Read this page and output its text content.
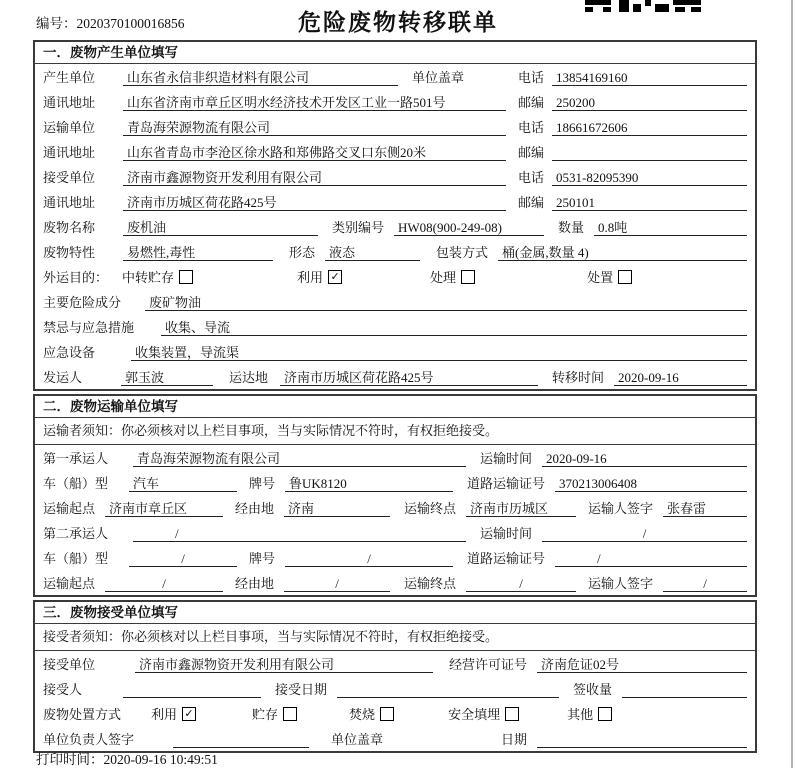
编号：2020370100016856	危险废物转移联单
一．废物产生单位填写
产生单位	山东省永信非织造材料有限公司	单位盖章	电话 13854169160
通讯地址	山东省济南市章丘区明水经济技术开发区工业一路501号	邮编 250200
运输单位	青岛海荣源物流有限公司	电话 18661672606
通讯地址	山东省青岛市李沧区徐水路和郑佛路交叉口东侧20米	邮编
接受单位	济南市鑫源物资开发利用有限公司	电话 0531-82095390
通讯地址	济南市历城区荷花路425号	邮编 250101
废物名称	废机油	类别编号	HW08(900-249-08)	数量	0.8吨
废物特性	易燃性,毒性	形态	液态	包装方式	桶(金属,数量 4)
外运目的： 中转贮存	利用 ✓	处理	处置
主要危险成分	废矿物油
禁忌与应急措施	收集、导流
应急设备	收集装置，导流渠
发运人	郭玉波	运达地	济南市历城区荷花路425号	转移时间	2020-09-16
二．废物运输单位填写
运输者须知：你必须核对以上栏目事项，当与实际情况不符时，有权拒绝接受。
第一承运人	青岛海荣源物流有限公司	运输时间	2020-09-16
车（船）型	汽车	牌号	鲁UK8120	道路运输证号	370213006408
运输起点	济南市章丘区	经由地	济南	运输终点	济南市历城区	运输人签字	张春雷
第二承运人	/	运输时间	/
车（船）型	/	牌号	/	道路运输证号	/
运输起点	/	经由地	/	运输终点	/	运输人签字	/
三．废物接受单位填写
接受者须知：你必须核对以上栏目事项，当与实际情况不符时，有权拒绝接受。
接受单位	济南市鑫源物资开发利用有限公司	经营许可证号	济南危证02号
接受人	接受日期	签收量
废物处置方式 利用 ✓	贮存	焚烧	安全填埋	其他
单位负责人签字	单位盖章	日期
打印时间：2020-09-16 10:49:51
